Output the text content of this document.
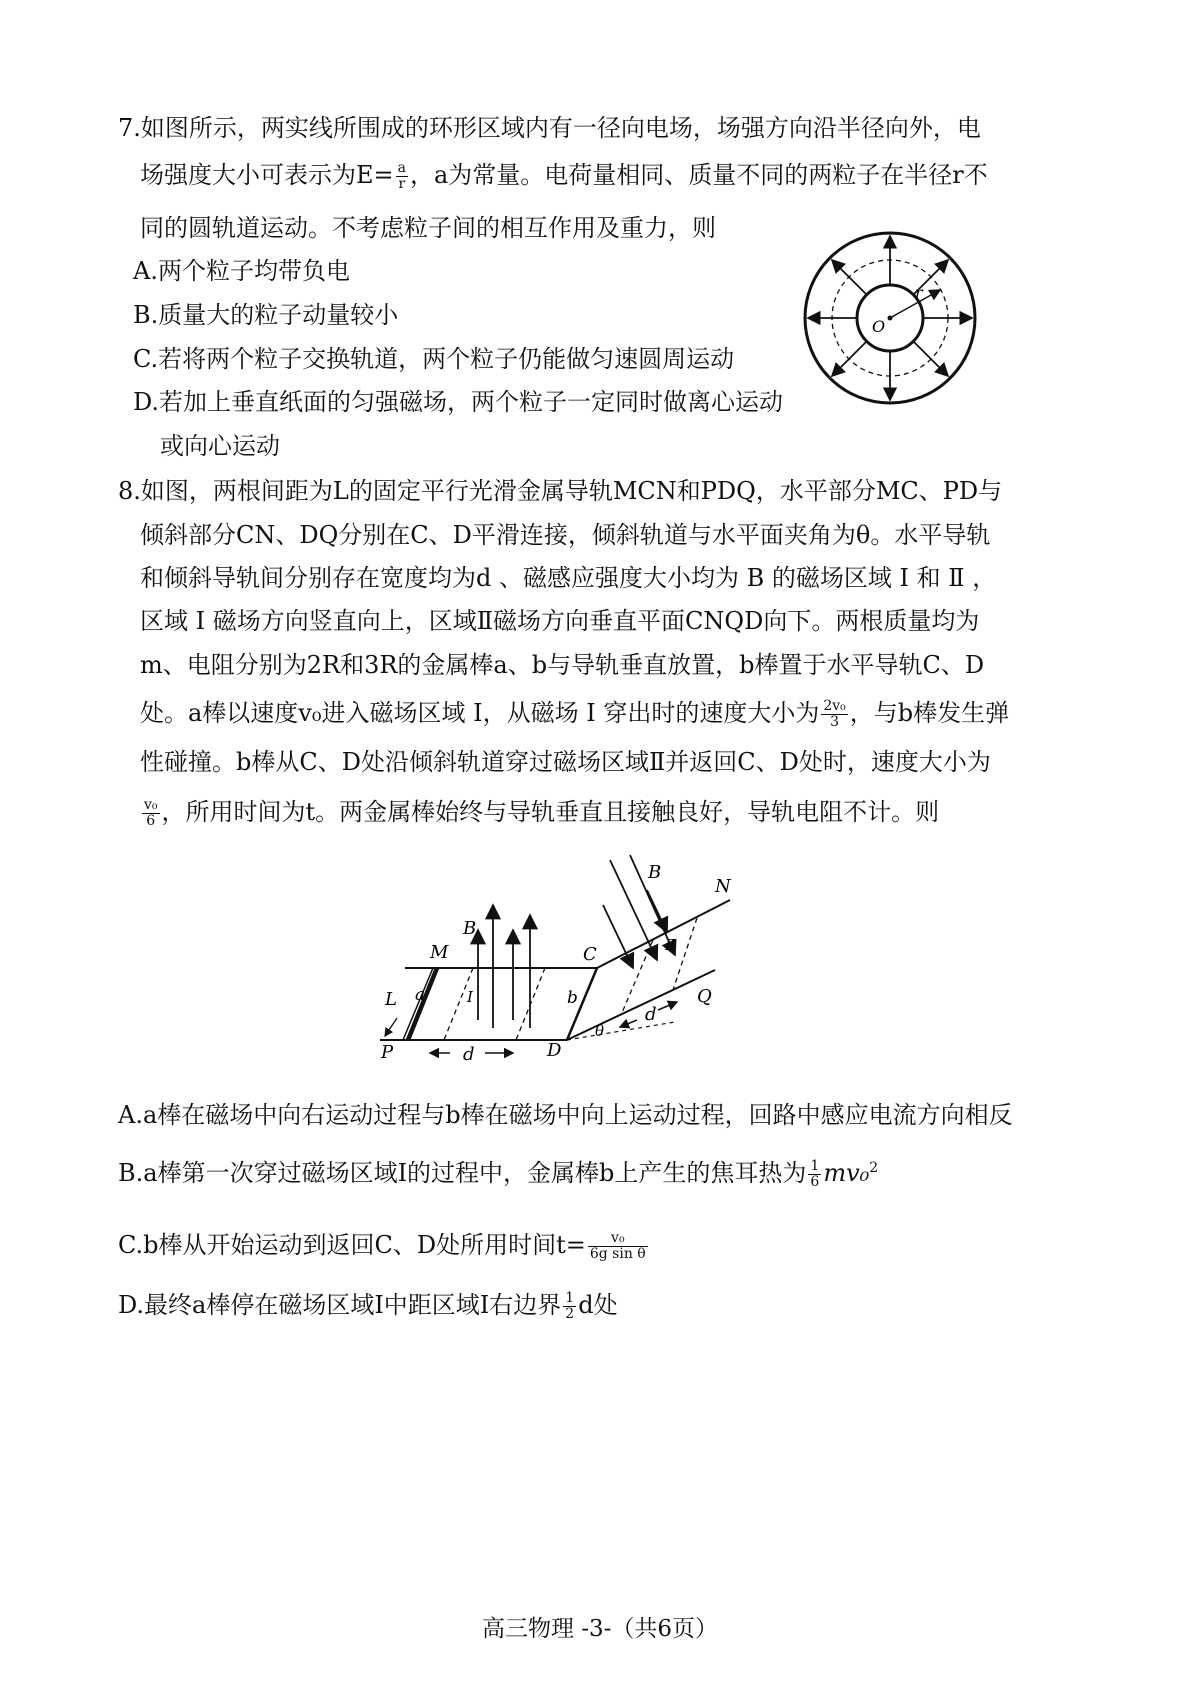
7.如图所示，两实线所围成的环形区域内有一径向电场，场强方向沿半径向外，电
场强度大小可表示为$E= \frac{a}{r}$ ，a为常量。电荷量相同、质量不同的两粒子在半径r不
同的圆轨道运动。不考虑粒子间的相互作用及重力，则
A.两个粒子均带负电
B.质量大的粒子动量较小
C.若将两个粒子交换轨道，两个粒子仍能做匀速圆周运动
D.若加上垂直纸面的匀强磁场，两个粒子一定同时做离心运动
或向心运动
r
O
8.如图，两根间距为L的固定平行光滑金属导轨MCN和PDQ，水平部分MC、PD与
倾斜部分CN、DQ分别在C、D平滑连接，倾斜轨道与水平面夹角为θ。水平导轨
和倾斜导轨间分别存在宽度均为d 、磁感应强度大小均为 B 的磁场区域 I 和 Ⅱ ，
区域 I 磁场方向竖直向上，区域Ⅱ磁场方向垂直平面CNQD向下。两根质量均为
m、电阻分别为2R和3R的金属棒a、b与导轨垂直放置，b棒置于水平导轨C、D
处。a棒以速度v₀进入磁场区域 I，从磁场 I 穿出时的速度大小为 $\frac{\text{2v₀}}{3}$ ，与b棒发生弹
性碰撞。b棒从C、D处沿倾斜轨道穿过磁场区域Ⅱ并返回C、D处时，速度大小为
$\frac{\text{v₀}}{6}$ ，所用时间为t。两金属棒始终与导轨垂直且接触良好，导轨电阻不计。则
M
P
C
D
N
Q
B
B
a	b
L
d
d
θ
I
Ⅱ
A.a棒在磁场中向右运动过程与b棒在磁场中向上运动过程，回路中感应电流方向相反
B.a棒第一次穿过磁场区域I的过程中，金属棒b上产生的焦耳热为 $\frac{1}{6} mv_0^2$
C.b棒从开始运动到返回C、D处所用时间$t= \frac{\text{v₀}}{\text{6g sin θ}}$
D.最终a棒停在磁场区域I中距区域I右边界 $\frac{1}{2}$ d处
高三物理 -3-（共6页）
